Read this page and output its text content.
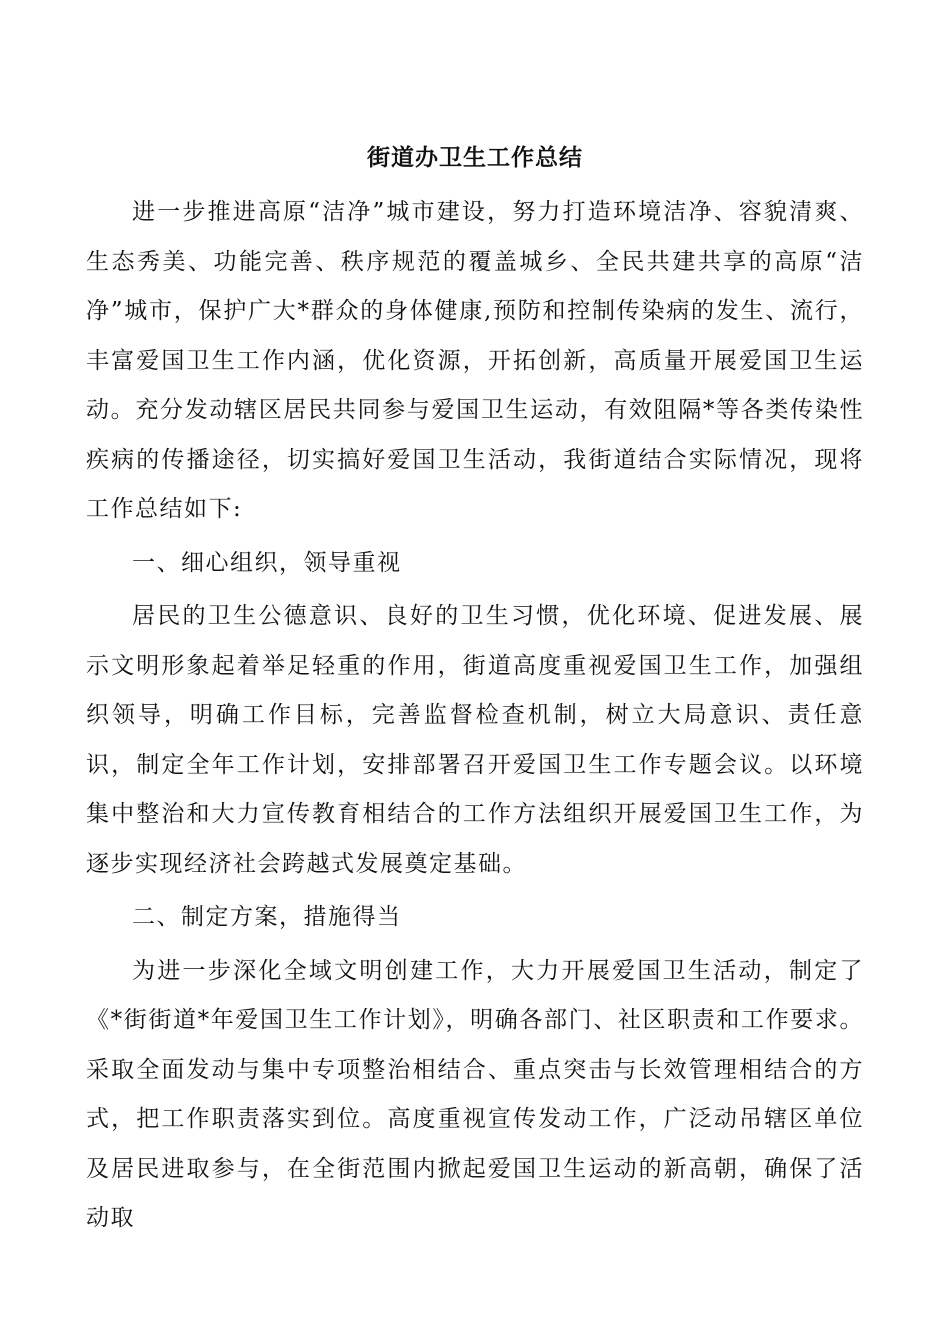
街道办卫生工作总结

进一步推进高原“洁净”城市建设，努力打造环境洁净、容貌清爽、生态秀美、功能完善、秩序规范的覆盖城乡、全民共建共享的高原“洁净”城市，保护广大*群众的身体健康,预防和控制传染病的发生、流行，丰富爱国卫生工作内涵，优化资源，开拓创新，高质量开展爱国卫生运动。充分发动辖区居民共同参与爱国卫生运动，有效阻隔*等各类传染性疾病的传播途径，切实搞好爱国卫生活动，我街道结合实际情况，现将工作总结如下:

一、细心组织，领导重视

居民的卫生公德意识、良好的卫生习惯，优化环境、促进发展、展示文明形象起着举足轻重的作用，街道高度重视爱国卫生工作，加强组织领导，明确工作目标，完善监督检查机制，树立大局意识、责任意识，制定全年工作计划，安排部署召开爱国卫生工作专题会议。以环境集中整治和大力宣传教育相结合的工作方法组织开展爱国卫生工作，为逐步实现经济社会跨越式发展奠定基础。

二、制定方案，措施得当

为进一步深化全域文明创建工作，大力开展爱国卫生活动，制定了《*街街道*年爱国卫生工作计划》，明确各部门、社区职责和工作要求。采取全面发动与集中专项整治相结合、重点突击与长效管理相结合的方式，把工作职责落实到位。高度重视宣传发动工作，广泛动吊辖区单位及居民进取参与，在全街范围内掀起爱国卫生运动的新高朝，确保了活动取
